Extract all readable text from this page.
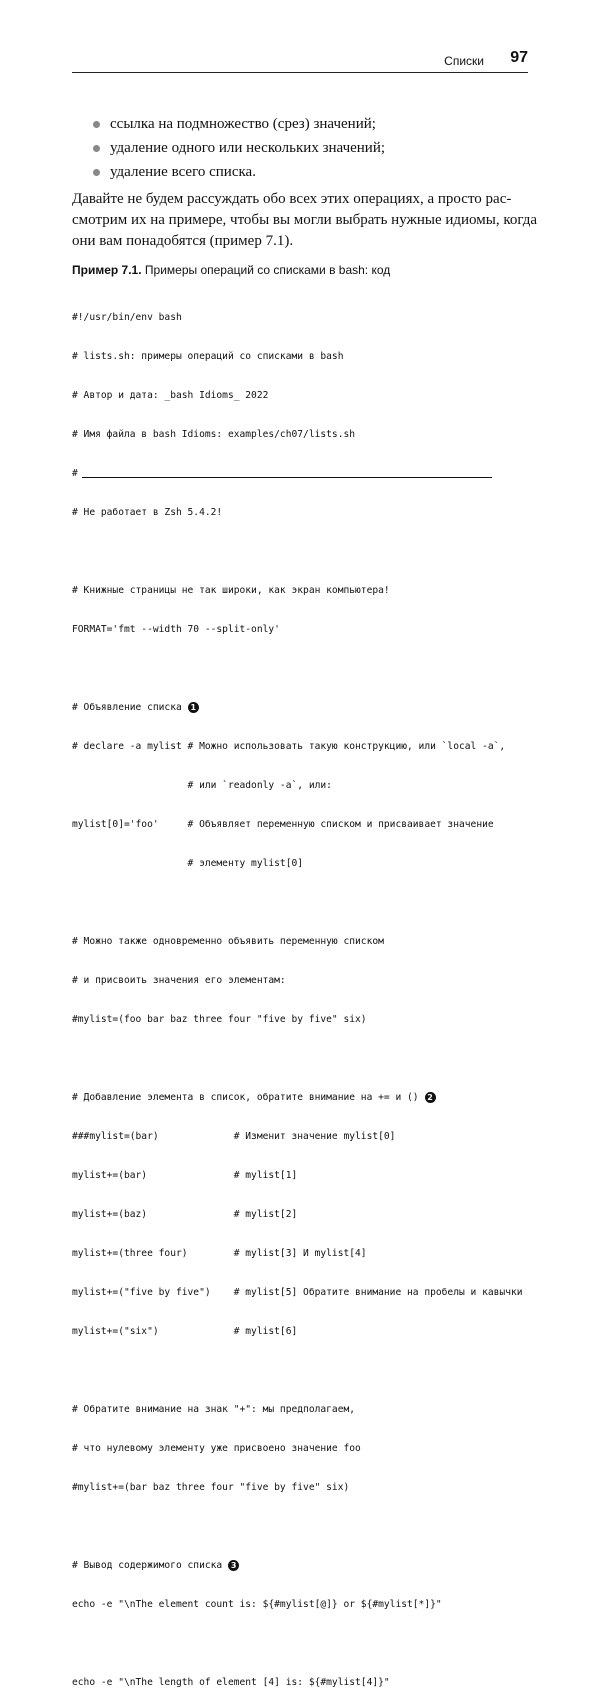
Списки 97
ссылка на подмножество (срез) значений;
удаление одного или нескольких значений;
удаление всего списка.
Давайте не будем рассуждать обо всех этих операциях, а просто рас-
смотрим их на примере, чтобы вы могли выбрать нужные идиомы, когда
они вам понадобятся (пример 7.1).
Пример 7.1. Примеры операций со списками в bash: код

#!/usr/bin/env bash

# lists.sh: примеры операций со списками в bash

# Автор и дата: _bash Idioms_ 2022

# Имя файла в bash Idioms: examples/ch07/lists.sh

#

# Не работает в Zsh 5.4.2!

# Книжные страницы не так широки, как экран компьютера!

FORMAT='fmt --width 70 --split-only'

# Объявление списка 1

# declare -a mylist # Можно использовать такую конструкцию, или `local -a`,

# или `readonly -a`, или:

mylist[0]='foo'     # Объявляет переменную списком и присваивает значение

# элементу mylist[0]

# Можно также одновременно объявить переменную списком

# и присвоить значения его элементам:

#mylist=(foo bar baz three four "five by five" six)

# Добавление элемента в список, обратите внимание на += и () 2

###mylist=(bar)             # Изменит значение mylist[0]

mylist+=(bar)               # mylist[1]

mylist+=(baz)               # mylist[2]

mylist+=(three four)        # mylist[3] И mylist[4]

mylist+=("five by five")    # mylist[5] Обратите внимание на пробелы и кавычки

mylist+=("six")             # mylist[6]

# Обратите внимание на знак "+": мы предполагаем,

# что нулевому элементу уже присвоено значение foo

#mylist+=(bar baz three four "five by five" six)

# Вывод содержимого списка 3

echo -e "\nThe element count is: ${#mylist[@]} or ${#mylist[*]}"

echo -e "\nThe length of element [4] is: ${#mylist[4]}"
